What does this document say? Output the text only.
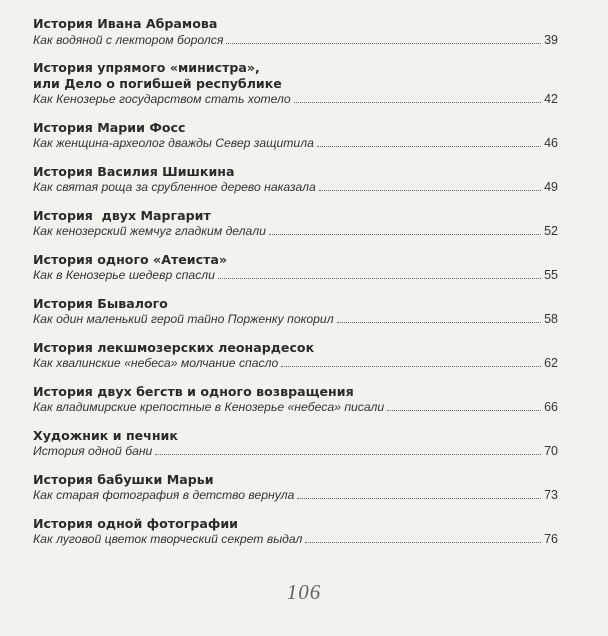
История Ивана Абрамова
Как водяной с лектором боролся	39
История упрямого «министра»,
или Дело о погибшей республике
Как Кенозерье государством стать хотело	42
История Марии Фосс
Как женщина-археолог дважды Север защитила	46
История Василия Шишкина
Как святая роща за срубленное дерево наказала	49
История  двух Маргарит
Как кенозерский жемчуг гладким делали	52
История одного «Атеиста»
Как в Кенозерье шедевр спасли	55
История Бывалого
Как один маленький герой тайно Порженку покорил	58
История лекшмозерских леонардесок
Как хвалинские «небеса» молчание спасло	62
История двух бегств и одного возвращения
Как владимирские крепостные в Кенозерье «небеса» писали	66
Художник и печник
История одной бани	70
История бабушки Марьи
Как старая фотография в детство вернула	73
История одной фотографии
Как луговой цветок творческий секрет выдал	76
106
